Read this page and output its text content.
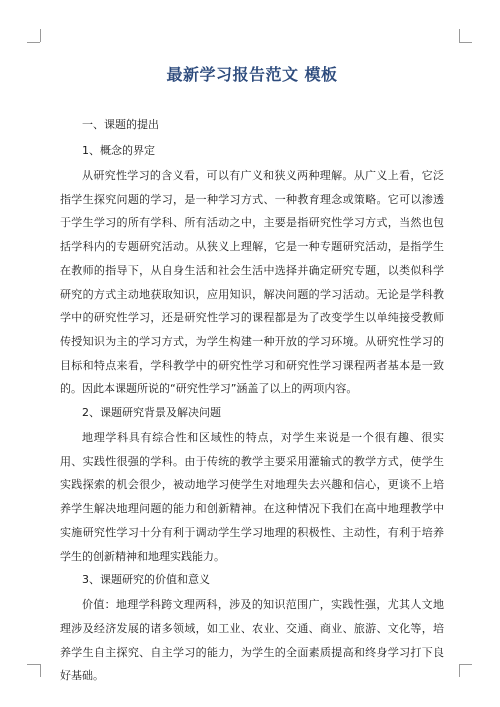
最新学习报告范文 模板

一、课题的提出

1、概念的界定

从研究性学习的含义看，可以有广义和狭义两种理解。从广义上看，它泛指学生探究问题的学习，是一种学习方式、一种教育理念或策略。它可以渗透于学生学习的所有学科、所有活动之中，主要是指研究性学习方式，当然也包括学科内的专题研究活动。从狭义上理解，它是一种专题研究活动，是指学生在教师的指导下，从自身生活和社会生活中选择并确定研究专题，以类似科学研究的方式主动地获取知识，应用知识，解决问题的学习活动。无论是学科教学中的研究性学习，还是研究性学习的课程都是为了改变学生以单纯接受教师传授知识为主的学习方式，为学生构建一种开放的学习环境。从研究性学习的目标和特点来看，学科教学中的研究性学习和研究性学习课程两者基本是一致的。因此本课题所说的“研究性学习”涵盖了以上的两项内容。

2、课题研究背景及解决问题

地理学科具有综合性和区域性的特点，对学生来说是一个很有趣、很实用、实践性很强的学科。由于传统的教学主要采用灌输式的教学方式，使学生实践探索的机会很少，被动地学习使学生对地理失去兴趣和信心，更谈不上培养学生解决地理问题的能力和创新精神。在这种情况下我们在高中地理教学中实施研究性学习十分有利于调动学生学习地理的积极性、主动性，有利于培养学生的创新精神和地理实践能力。

3、课题研究的价值和意义

价值：地理学科跨文理两科，涉及的知识范围广，实践性强，尤其人文地理涉及经济发展的诸多领域，如工业、农业、交通、商业、旅游、文化等，培养学生自主探究、自主学习的能力，为学生的全面素质提高和终身学习打下良好基础。
